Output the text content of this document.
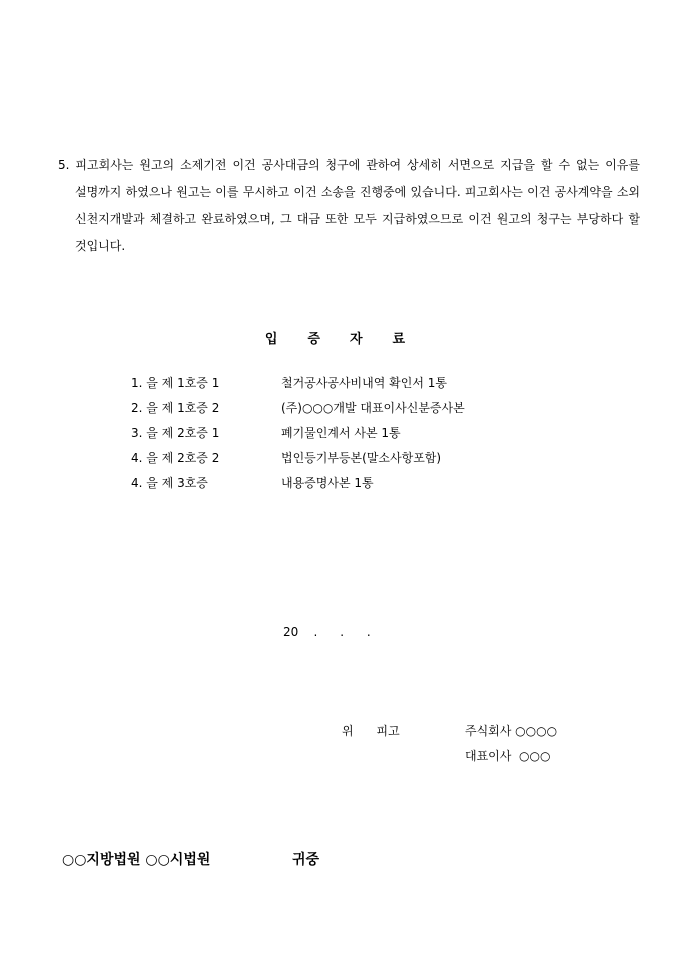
5. 피고회사는 원고의 소제기전 이건 공사대금의 청구에 관하여 상세히 서면으로 지급을 할 수 없는 이유를 설명까지 하였으나 원고는 이를 무시하고 이건 소송을 진행중에 있습니다. 피고회사는 이건 공사계약을 소외 신천지개발과 체결하고 완료하였으며, 그 대금 또한 모두 지급하였으므로 이건 원고의 청구는 부당하다 할 것입니다.
입증자료
1. 을 제 1호증 1	철거공사공사비내역 확인서 1통
2. 을 제 1호증 2	(주)○○○개발 대표이사신분증사본
3. 을 제 2호증 1	폐기물인계서 사본 1통
4. 을 제 2호증 2	법인등기부등본(말소사항포함)
4. 을 제 3호증	내용증명사본 1통
20    .      .      .
위      피고	주식회사 ○○○○
대표이사  ○○○
○○지방법원 ○○시법원	귀중
